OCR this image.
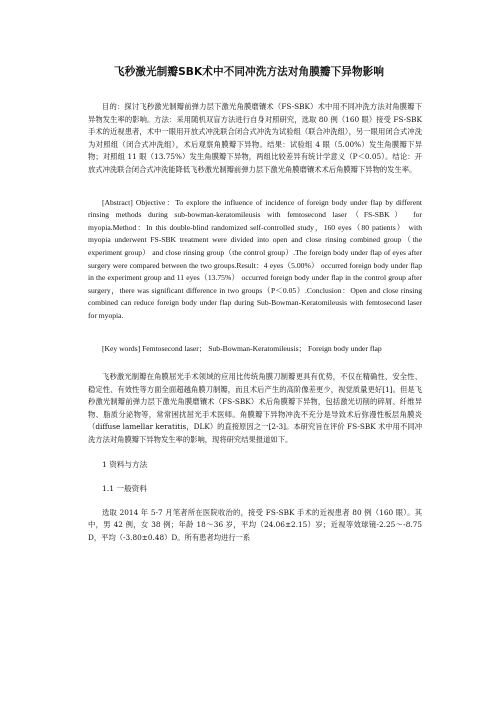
飞秒激光制瓣SBK术中不同冲洗方法对角膜瓣下异物影响

目的：探讨飞秒激光制瓣前弹力层下激光角膜磨镶术（FS-SBK）术中用不同冲洗方法对角膜瓣下异物发生率的影响。方法：采用随机双盲方法进行自身对照研究，选取 80 例（160 眼）接受 FS-SBK 手术的近视患者，术中一眼用开放式冲洗联合闭合式冲洗为试验组（联合冲洗组），另一眼用闭合式冲洗为对照组（闭合式冲洗组），术后观察角膜瓣下异物。结果：试验组 4 眼（5.00%）发生角膜瓣下异物；对照组 11 眼（13.75%）发生角膜瓣下异物，两组比较差异有统计学意义（P＜0.05）。结论：开放式冲洗联合闭合式冲洗能降低飞秒激光制瓣前弹力层下激光角膜磨镶术术后角膜瓣下异物的发生率。

[Abstract] Objective：To explore the influence of incidence of foreign body under flap by different rinsing methods during sub-bowman-keratomileusis with femtosecond laser（FS-SBK） for myopia.Method：In this double-blind randomized self-controlled study，160 eyes（80 patients） with myopia underwent FS-SBK treatment were divided into open and close rinsing combined group（the experiment group） and close rinsing group（the control group）.The foreign body under flap of eyes after surgery were compared between the two groups.Result：4 eyes（5.00%） occurred foreign body under flap in the experiment group and 11 eyes（13.75%） occurred foreign body under flap in the control group after surgery，there was significant difference in two groups（P＜0.05）.Conclusion：Open and close rinsing combined can reduce foreign body under flap during Sub-Bowman-Keratomileusis with femtosecond laser for myopia.

[Key words] Femtosecond laser； Sub-Bowman-Keratomileusis； Foreign body under flap

飞秒激光制瓣在角膜屈光手术领域的应用比传统角膜刀制瓣更具有优势，不仅在精确性、安全性、稳定性、有效性等方面全面超越角膜刀制瓣，而且术后产生的高阶像差更少，视觉质量更好[1]。但是飞秒激光制瓣前弹力层下激光角膜磨镶术（FS-SBK）术后角膜瓣下异物，包括激光切削的碎屑、纤维异物、脂质分泌物等，常常困扰屈光手术医师。角膜瓣下异物冲洗不充分是导致术后弥漫性板层角膜炎（diffuse lamellar keratitis，DLK）的直接原因之一[2-3]。本研究旨在评价 FS-SBK 术中用不同冲洗方法对角膜瓣下异物发生率的影响，现将研究结果报道如下。

1 资料与方法
1.1 一般资料

选取 2014 年 5-7 月笔者所在医院收治的，接受 FS-SBK 手术的近视患者 80 例（160 眼）。其中，男 42 例，女 38 例；年龄 18～36 岁，平均（24.06±2.15）岁；近视等效球镜-2.25～-8.75 D，平均（-3.80±0.48）D。所有患者均进行一系
